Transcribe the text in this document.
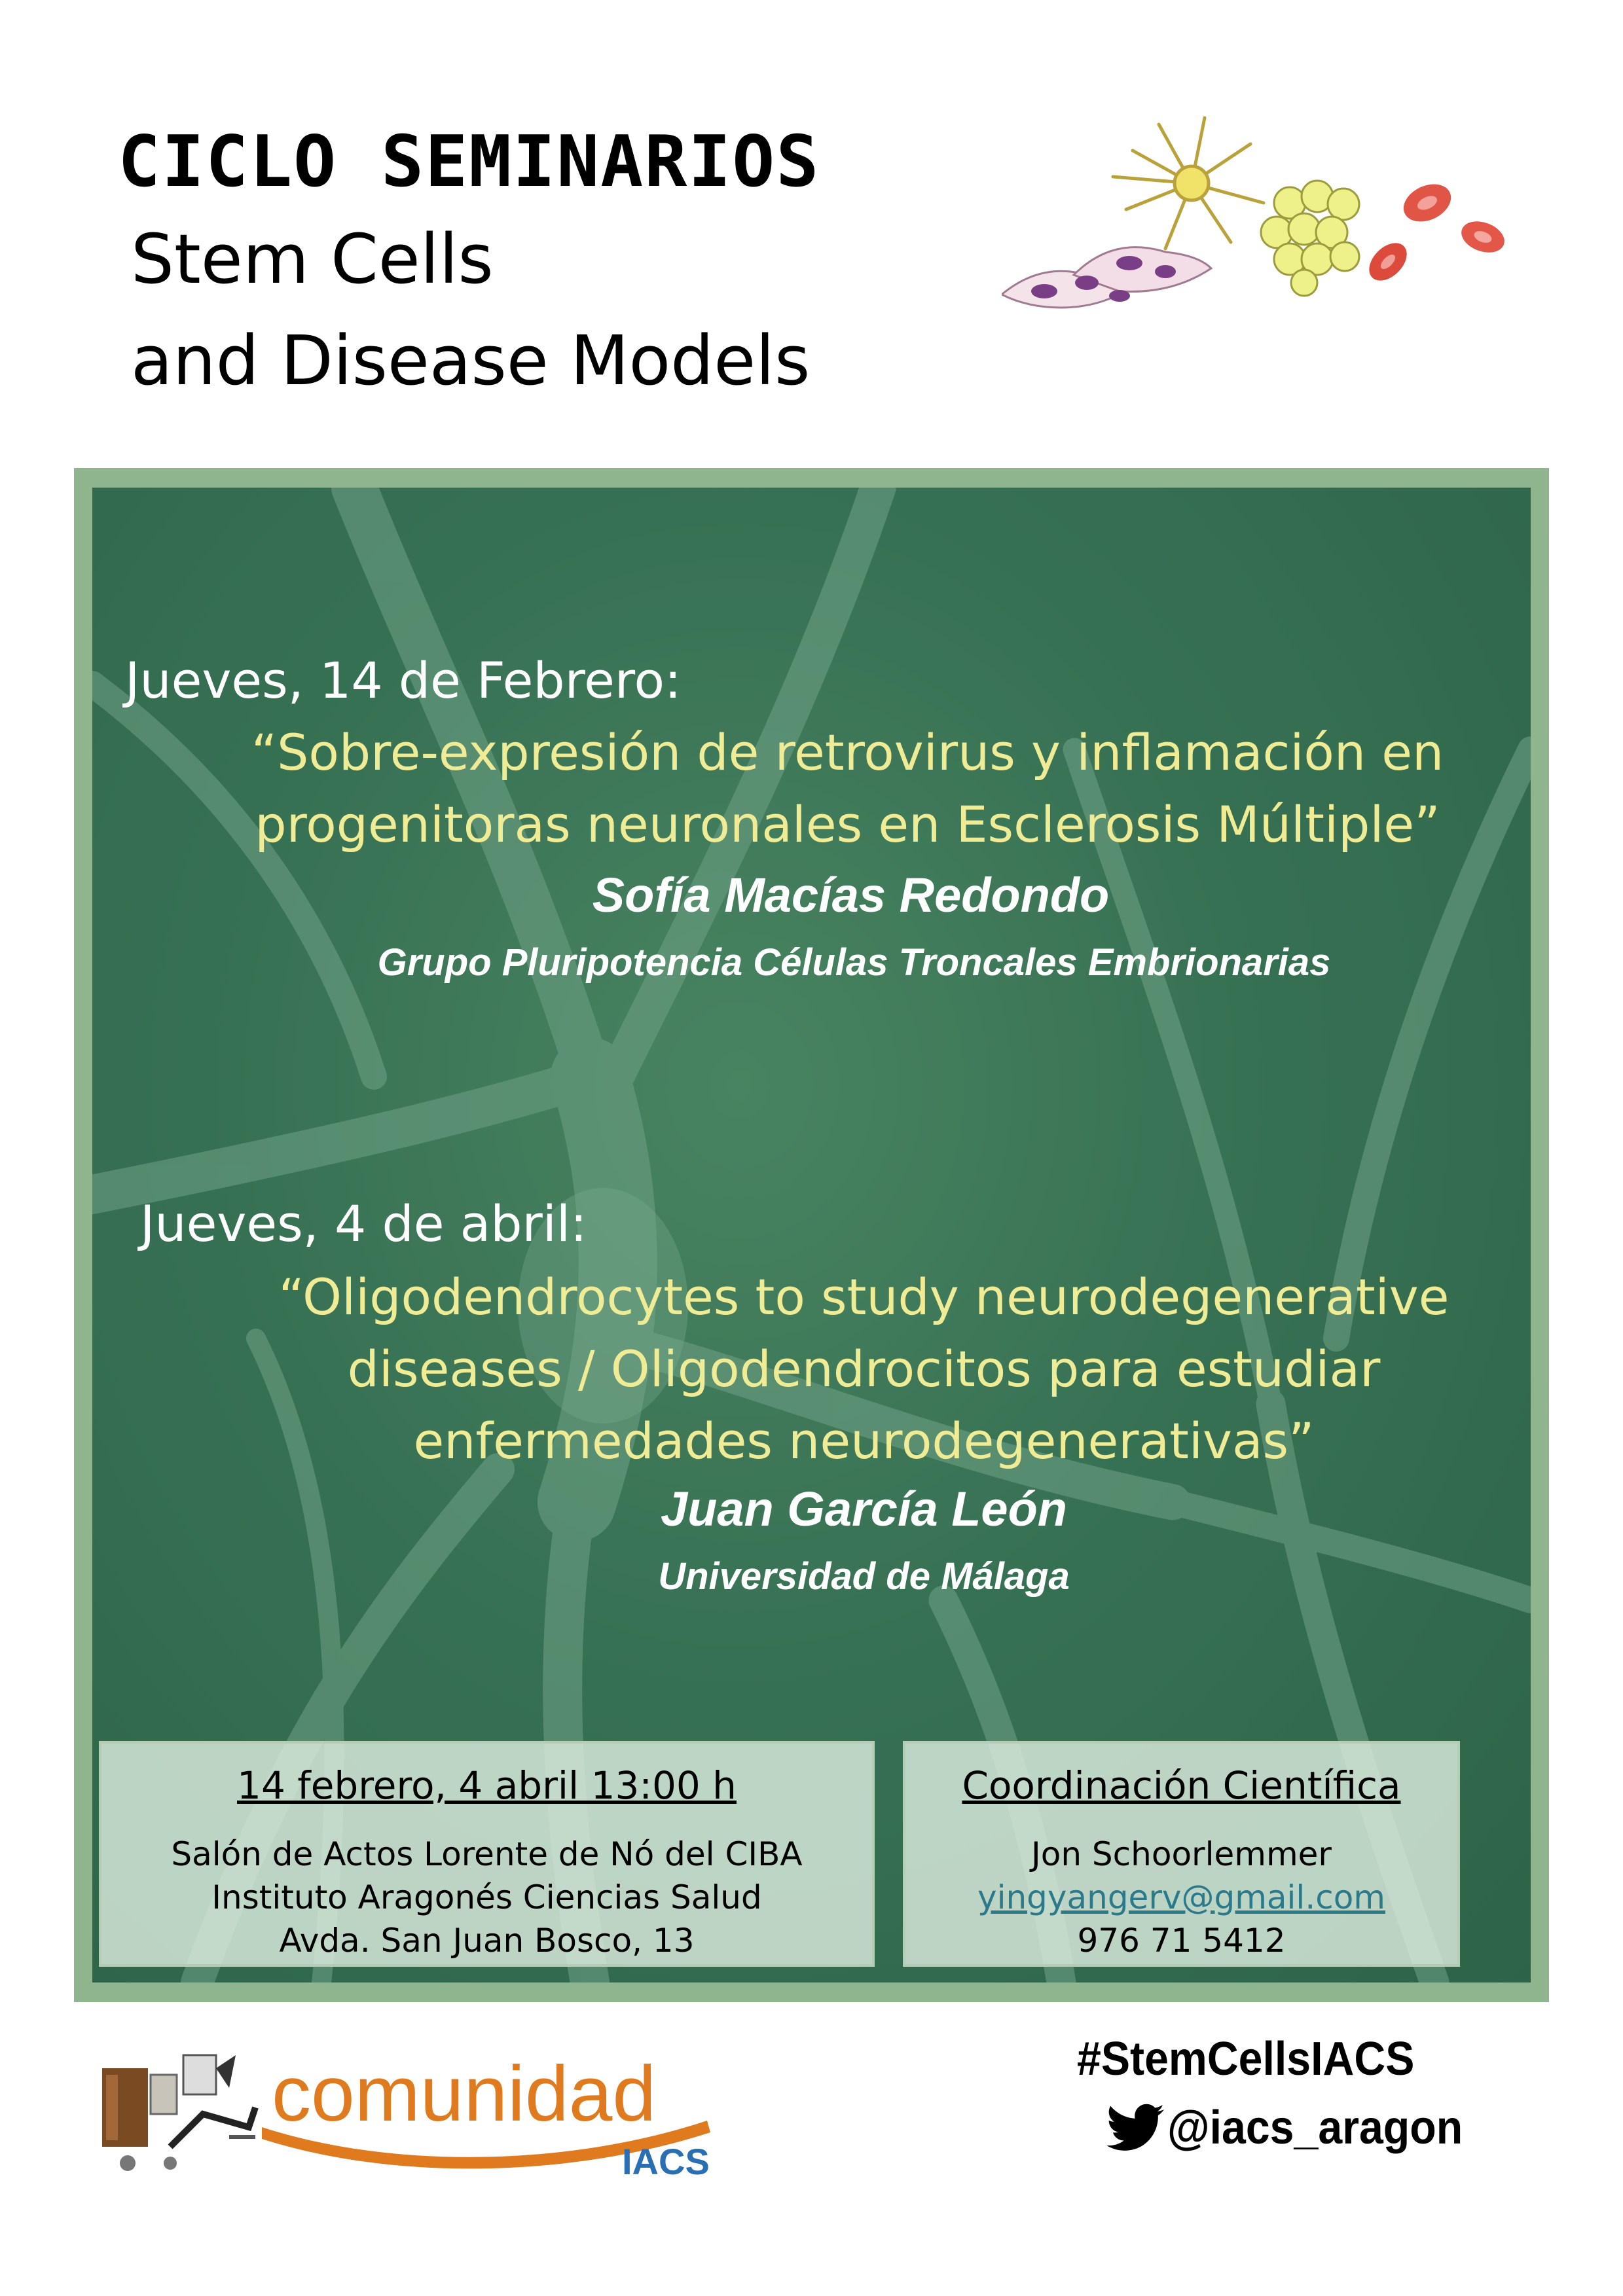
CICLO SEMINARIOS
Stem Cells
and Disease Models
Jueves, 14 de Febrero:
“Sobre-expresión de retrovirus y inflamación en
progenitoras neuronales en Esclerosis Múltiple”
Sofía Macías Redondo
Grupo Pluripotencia Células Troncales Embrionarias
Jueves, 4 de abril:
“Oligodendrocytes to study neurodegenerative
diseases / Oligodendrocitos para estudiar
enfermedades neurodegenerativas”
Juan García León
Universidad de Málaga
14 febrero, 4 abril 13:00 h
Salón de Actos Lorente de Nó del CIBA
Instituto Aragonés Ciencias Salud
Avda. San Juan Bosco, 13
Coordinación Científica
Jon Schoorlemmer
yingyangerv@gmail.com
976 71 5412
comunidad
IACS
#StemCellsIACS
@iacs_aragon
